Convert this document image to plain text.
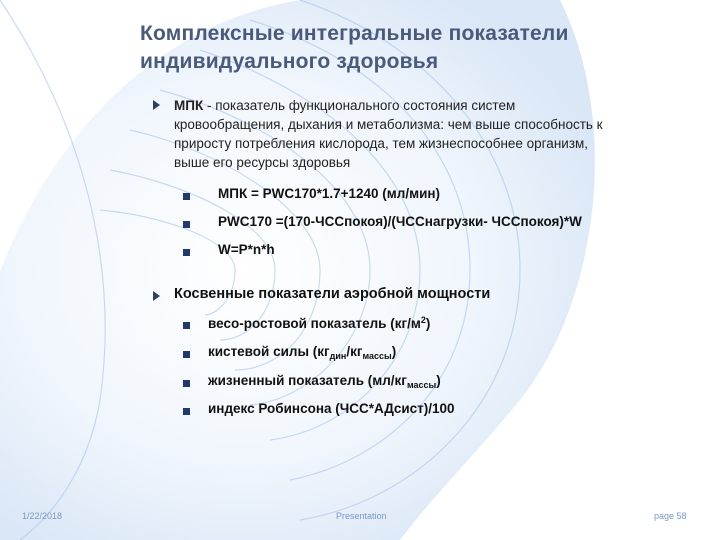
Комплексные интегральные показатели
индивидуального здоровья
МПК - показатель функционального состояния систем
кровообращения, дыхания и метаболизма: чем выше способность к
приросту потребления кислорода, тем жизнеспособнее организм,
выше его ресурсы здоровья
МПК = PWC170*1.7+1240 (мл/мин)
PWC170 =(170-ЧССпокоя)/(ЧССнагрузки- ЧССпокоя)*W
W=P*n*h
Косвенные показатели аэробной мощности
весо-ростовой показатель $(кг/м^2)$
кистевой силы $(кг_{дин}/кг_{массы})$
жизненный показатель $(мл/кг_{массы})$
индекс Робинсона (ЧСС*АДсист)/100
1/22/2018	Presentation	page 58
